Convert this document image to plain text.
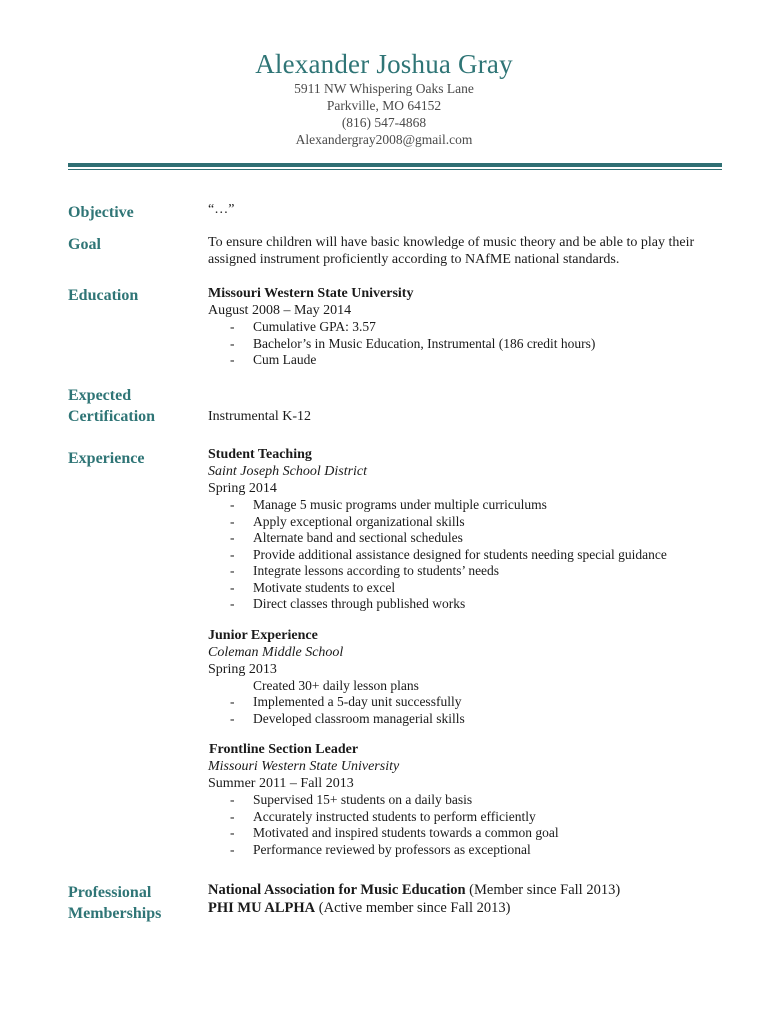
Alexander Joshua Gray
5911 NW Whispering Oaks Lane
Parkville, MO 64152
(816) 547-4868
Alexandergray2008@gmail.com
Objective	“…”
Goal	To ensure children will have basic knowledge of music theory and be able to play their assigned instrument proficiently according to NAfME national standards.
Education	Missouri Western State University
August 2008 – May 2014
- Cumulative GPA: 3.57
- Bachelor’s in Music Education, Instrumental (186 credit hours)
- Cum Laude
Expected
Certification	Instrumental K-12
Experience	Student Teaching
Saint Joseph School District
Spring 2014
- Manage 5 music programs under multiple curriculums
- Apply exceptional organizational skills
- Alternate band and sectional schedules
- Provide additional assistance designed for students needing special guidance
- Integrate lessons according to students’ needs
- Motivate students to excel
- Direct classes through published works
Junior Experience
Coleman Middle School
Spring 2013
Created 30+ daily lesson plans
- Implemented a 5-day unit successfully
- Developed classroom managerial skills
Frontline Section Leader
Missouri Western State University
Summer 2011 – Fall 2013
- Supervised 15+ students on a daily basis
- Accurately instructed students to perform efficiently
- Motivated and inspired students towards a common goal
- Performance reviewed by professors as exceptional
Professional
Memberships
National Association for Music Education (Member since Fall 2013)
PHI MU ALPHA (Active member since Fall 2013)
